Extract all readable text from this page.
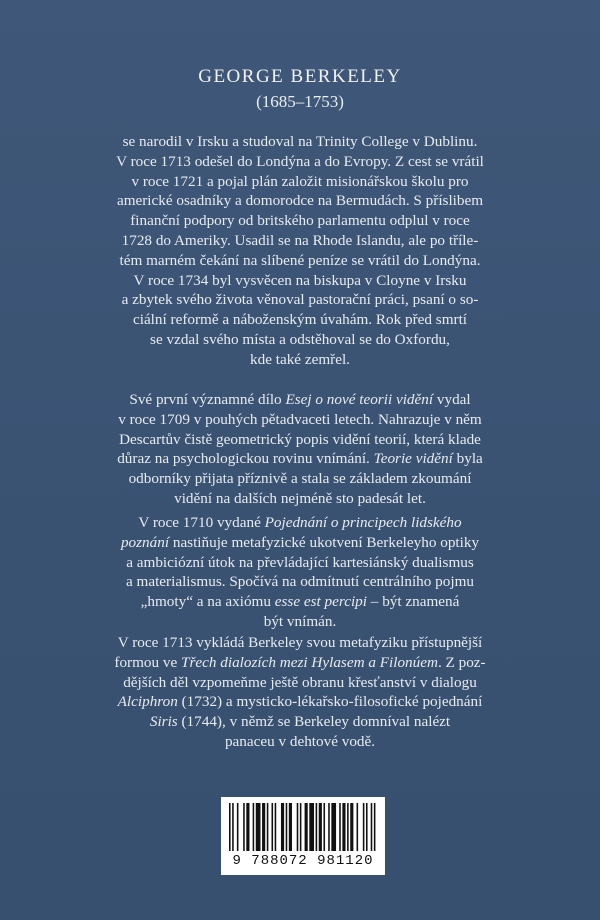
GEORGE BERKELEY
(1685–1753)
se narodil v Irsku a studoval na Trinity College v Dublinu.
V roce 1713 odešel do Londýna a do Evropy. Z cest se vrátil
v roce 1721 a pojal plán založit misionářskou školu pro
americké osadníky a domorodce na Bermudách. S příslibem
finanční podpory od britského parlamentu odplul v roce
1728 do Ameriky. Usadil se na Rhode Islandu, ale po tříle-
tém marném čekání na slíbené peníze se vrátil do Londýna.
V roce 1734 byl vysvěcen na biskupa v Cloyne v Irsku
a zbytek svého života věnoval pastorační práci, psaní o so-
ciální reformě a náboženským úvahám. Rok před smrtí
se vzdal svého místa a odstěhoval se do Oxfordu,
kde také zemřel.
Své první významné dílo Esej o nové teorii vidění vydal
v roce 1709 v pouhých pětadvaceti letech. Nahrazuje v něm
Descartův čistě geometrický popis vidění teorií, která klade
důraz na psychologickou rovinu vnímání. Teorie vidění byla
odborníky přijata příznivě a stala se základem zkoumání
vidění na dalších nejméně sto padesát let.
V roce 1710 vydané Pojednání o principech lidského
poznání nastiňuje metafyzické ukotvení Berkeleyho optiky
a ambiciózní útok na převládající kartesiánský dualismus
a materialismus. Spočívá na odmítnutí centrálního pojmu
„hmoty“ a na axiómu esse est percipi – být znamená
být vnímán.
V roce 1713 vykládá Berkeley svou metafyziku přístupnější
formou ve Třech dialozích mezi Hylasem a Filonúem. Z poz-
dějších děl vzpomeňme ještě obranu křesťanství v dialogu
Alciphron (1732) a mysticko-lékařsko-filosofické pojednání
Siris (1744), v němž se Berkeley domníval nalézt
panaceu v dehtové vodě.
9 788072 981120
